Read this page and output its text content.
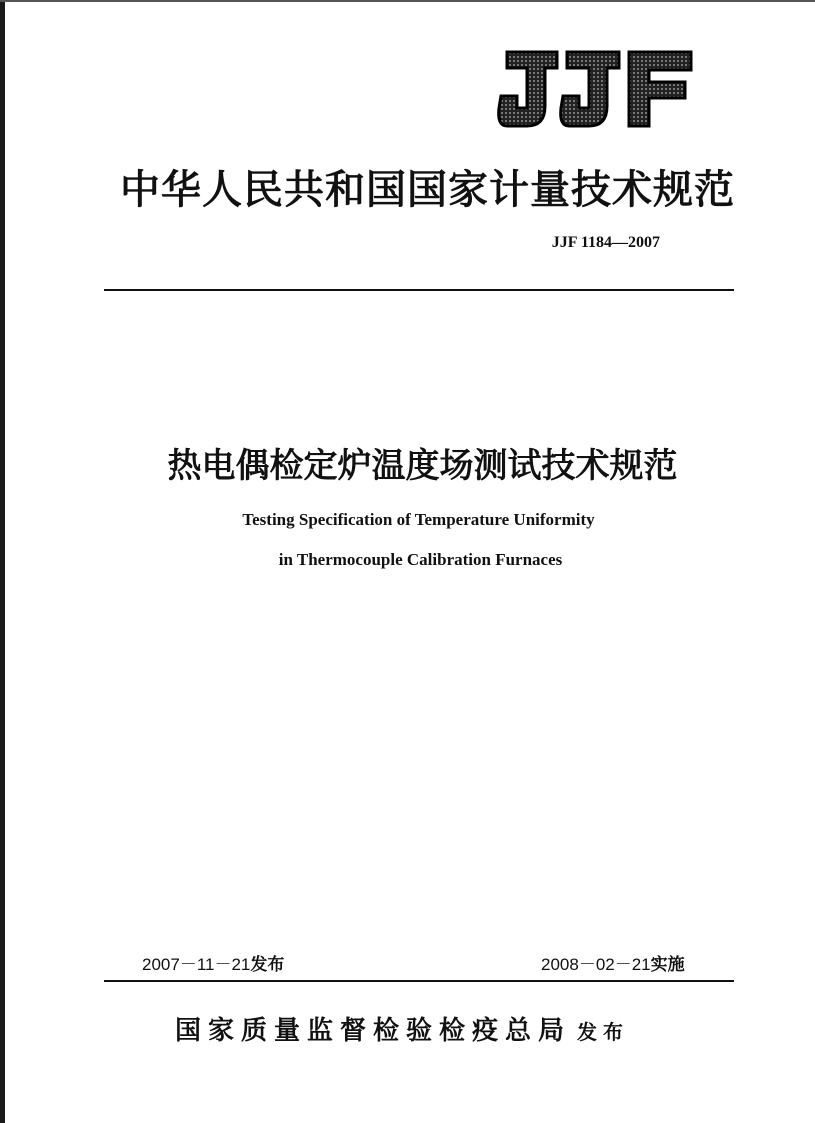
中华人民共和国国家计量技术规范
JJF 1184—2007
热电偶检定炉温度场测试技术规范
Testing Specification of Temperature Uniformity
in Thermocouple Calibration Furnaces
2007－11－21发布	2008－02－21实施
国家质量监督检验检疫总局 发布
